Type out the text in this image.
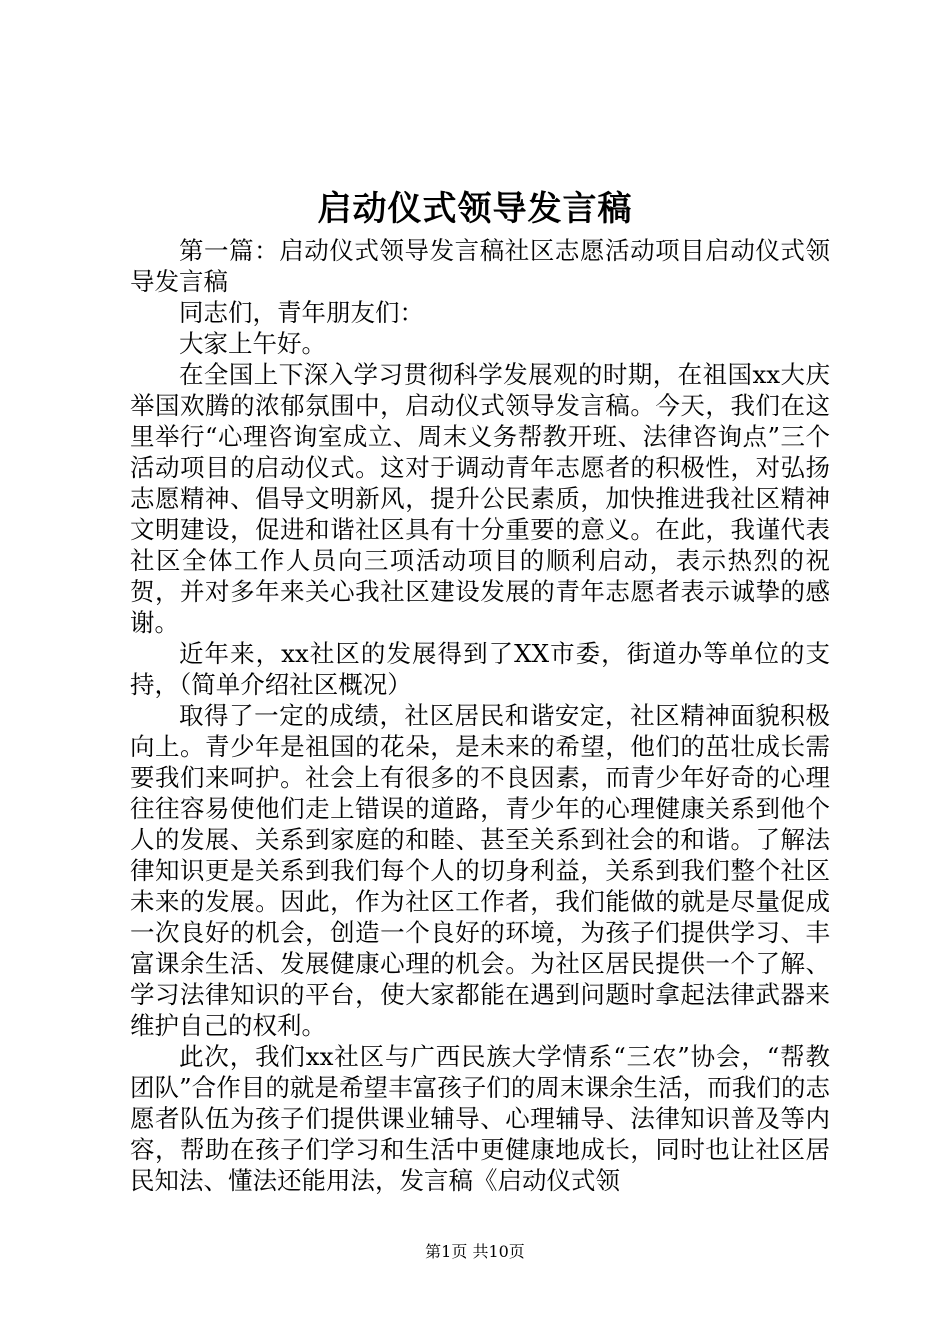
启动仪式领导发言稿

第一篇：启动仪式领导发言稿社区志愿活动项目启动仪式领导发言稿

同志们，青年朋友们：

大家上午好。

在全国上下深入学习贯彻科学发展观的时期，在祖国xx大庆举国欢腾的浓郁氛围中，启动仪式领导发言稿。今天，我们在这里举行“心理咨询室成立、周末义务帮教开班、法律咨询点”三个活动项目的启动仪式。这对于调动青年志愿者的积极性，对弘扬志愿精神、倡导文明新风，提升公民素质，加快推进我社区精神文明建设，促进和谐社区具有十分重要的意义。在此，我谨代表社区全体工作人员向三项活动项目的顺利启动，表示热烈的祝贺，并对多年来关心我社区建设发展的青年志愿者表示诚挚的感谢。

近年来，xx社区的发展得到了XX市委，街道办等单位的支持，（简单介绍社区概况）

取得了一定的成绩，社区居民和谐安定，社区精神面貌积极向上。青少年是祖国的花朵，是未来的希望，他们的茁壮成长需要我们来呵护。社会上有很多的不良因素，而青少年好奇的心理往往容易使他们走上错误的道路，青少年的心理健康关系到他个人的发展、关系到家庭的和睦、甚至关系到社会的和谐。了解法律知识更是关系到我们每个人的切身利益，关系到我们整个社区未来的发展。因此，作为社区工作者，我们能做的就是尽量促成一次良好的机会，创造一个良好的环境，为孩子们提供学习、丰富课余生活、发展健康心理的机会。为社区居民提供一个了解、学习法律知识的平台，使大家都能在遇到问题时拿起法律武器来维护自己的权利。

此次，我们xx社区与广西民族大学情系“三农”协会，“帮教团队”合作目的就是希望丰富孩子们的周末课余生活，而我们的志愿者队伍为孩子们提供课业辅导、心理辅导、法律知识普及等内容，帮助在孩子们学习和生活中更健康地成长，同时也让社区居民知法、懂法还能用法，发言稿《启动仪式领

第1页 共10页
